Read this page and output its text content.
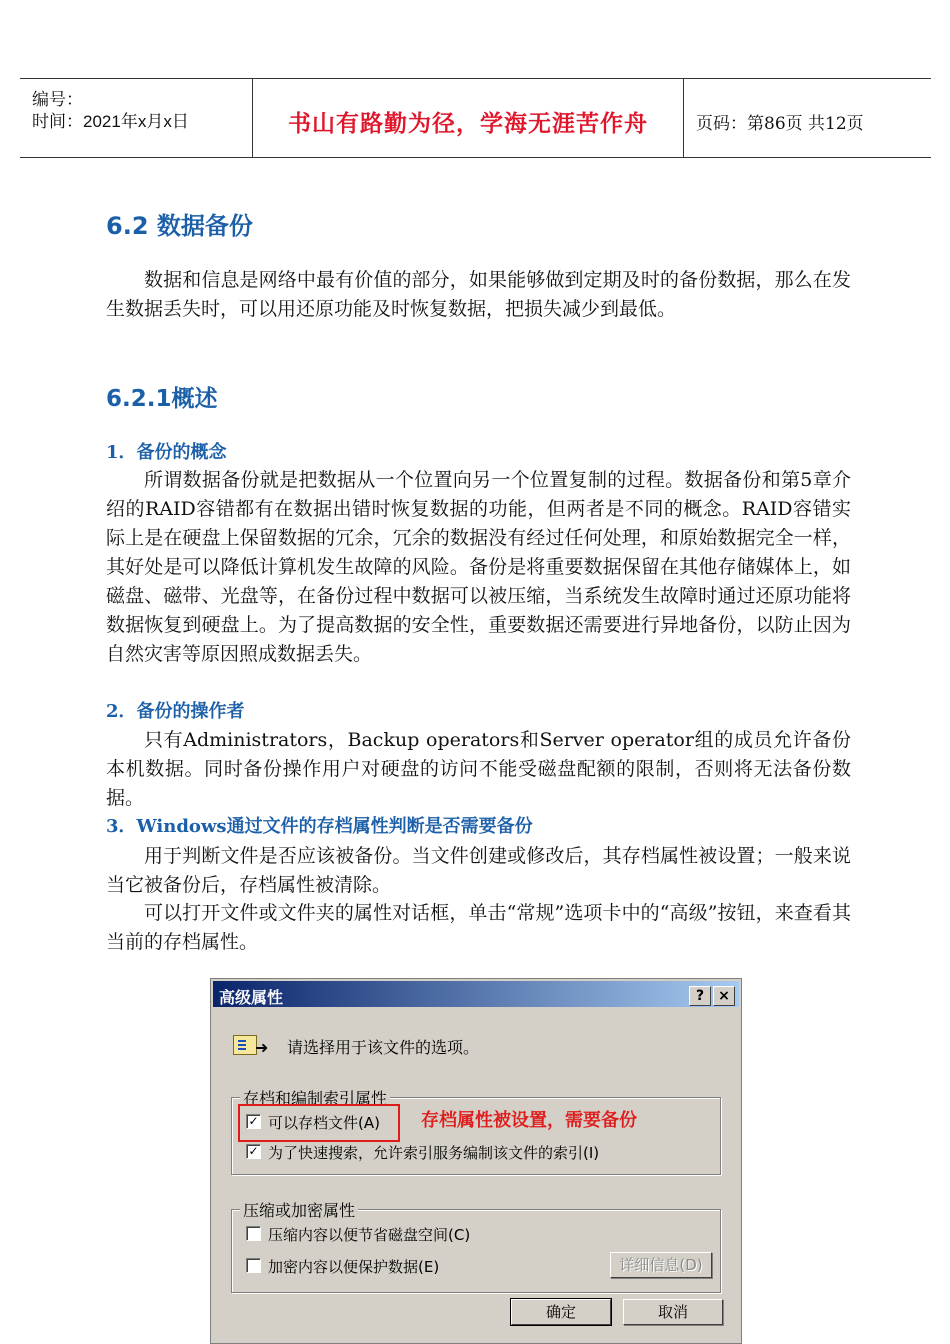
编号：
时间：2021年x月x日	书山有路勤为径，学海无涯苦作舟	页码：第86页 共12页
6.2 数据备份

数据和信息是网络中最有价值的部分，如果能够做到定期及时的备份数据，那么在发生数据丢失时，可以用还原功能及时恢复数据，把损失减少到最低。

6.2.1概述
1．备份的概念

所谓数据备份就是把数据从一个位置向另一个位置复制的过程。数据备份和第5章介绍的RAID容错都有在数据出错时恢复数据的功能，但两者是不同的概念。RAID容错实际上是在硬盘上保留数据的冗余，冗余的数据没有经过任何处理，和原始数据完全一样，其好处是可以降低计算机发生故障的风险。备份是将重要数据保留在其他存储媒体上，如磁盘、磁带、光盘等，在备份过程中数据可以被压缩，当系统发生故障时通过还原功能将数据恢复到硬盘上。为了提高数据的安全性，重要数据还需要进行异地备份，以防止因为自然灾害等原因照成数据丢失。

2．备份的操作者

只有Administrators，Backup operators和Server operator组的成员允许备份本机数据。同时备份操作用户对硬盘的访问不能受磁盘配额的限制，否则将无法备份数据。

3．Windows通过文件的存档属性判断是否需要备份

用于判断文件是否应该被备份。当文件创建或修改后，其存档属性被设置；一般来说当它被备份后，存档属性被清除。

可以打开文件或文件夹的属性对话框，单击“常规”选项卡中的“高级”按钮，来查看其当前的存档属性。

高级属性	?	×
➜ 请选择用于该文件的选项。
存档和编制索引属性
✓ 可以存档文件(A)
✓ 为了快速搜索，允许索引服务编制该文件的索引(I)
存档属性被设置，需要备份
压缩或加密属性
压缩内容以便节省磁盘空间(C)
加密内容以便保护数据(E)	详细信息(D)
确定	取消
